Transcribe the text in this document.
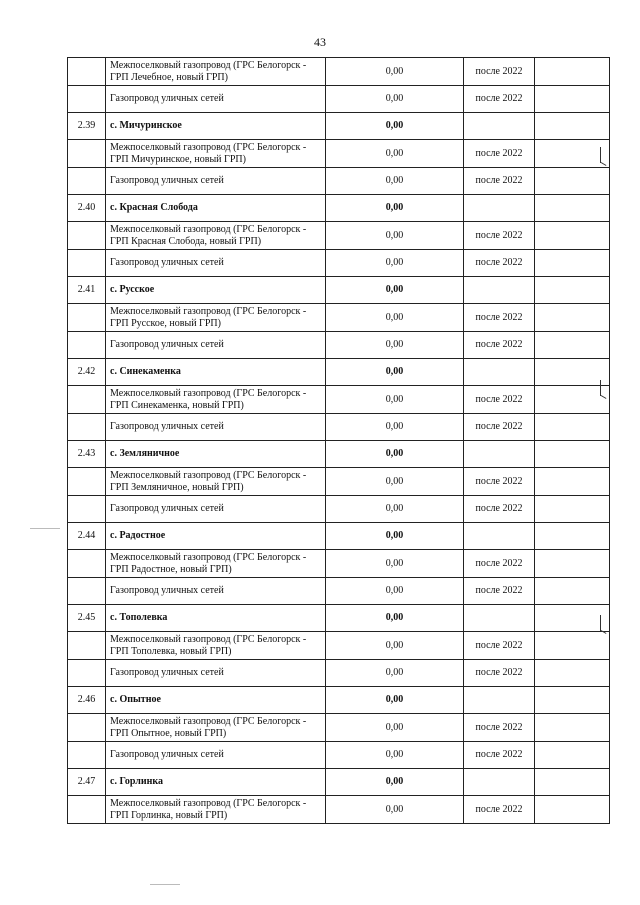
43
	Межпоселковый газопровод (ГРС Белогорск - ГРП Лечебное, новый ГРП)	0,00	после 2022	
	Газопровод уличных сетей	0,00	после 2022	
2.39	с. Мичуринское	0,00		
	Межпоселковый газопровод (ГРС Белогорск - ГРП Мичуринское, новый ГРП)	0,00	после 2022	
	Газопровод уличных сетей	0,00	после 2022	
2.40	с. Красная Слобода	0,00		
	Межпоселковый газопровод (ГРС Белогорск - ГРП Красная Слобода, новый ГРП)	0,00	после 2022	
	Газопровод уличных сетей	0,00	после 2022	
2.41	с. Русское	0,00		
	Межпоселковый газопровод (ГРС Белогорск - ГРП Русское, новый ГРП)	0,00	после 2022	
	Газопровод уличных сетей	0,00	после 2022	
2.42	с. Синекаменка	0,00		
	Межпоселковый газопровод (ГРС Белогорск - ГРП Синекаменка, новый ГРП)	0,00	после 2022	
	Газопровод уличных сетей	0,00	после 2022	
2.43	с. Земляничное	0,00		
	Межпоселковый газопровод (ГРС Белогорск - ГРП Земляничное, новый ГРП)	0,00	после 2022	
	Газопровод уличных сетей	0,00	после 2022	
2.44	с. Радостное	0,00		
	Межпоселковый газопровод (ГРС Белогорск - ГРП Радостное, новый ГРП)	0,00	после 2022	
	Газопровод уличных сетей	0,00	после 2022	
2.45	с. Тополевка	0,00		
	Межпоселковый газопровод (ГРС Белогорск - ГРП Тополевка, новый ГРП)	0,00	после 2022	
	Газопровод уличных сетей	0,00	после 2022	
2.46	с. Опытное	0,00		
	Межпоселковый газопровод (ГРС Белогорск - ГРП Опытное, новый ГРП)	0,00	после 2022	
	Газопровод уличных сетей	0,00	после 2022	
2.47	с. Горлинка	0,00		
	Межпоселковый газопровод (ГРС Белогорск - ГРП Горлинка, новый ГРП)	0,00	после 2022	
